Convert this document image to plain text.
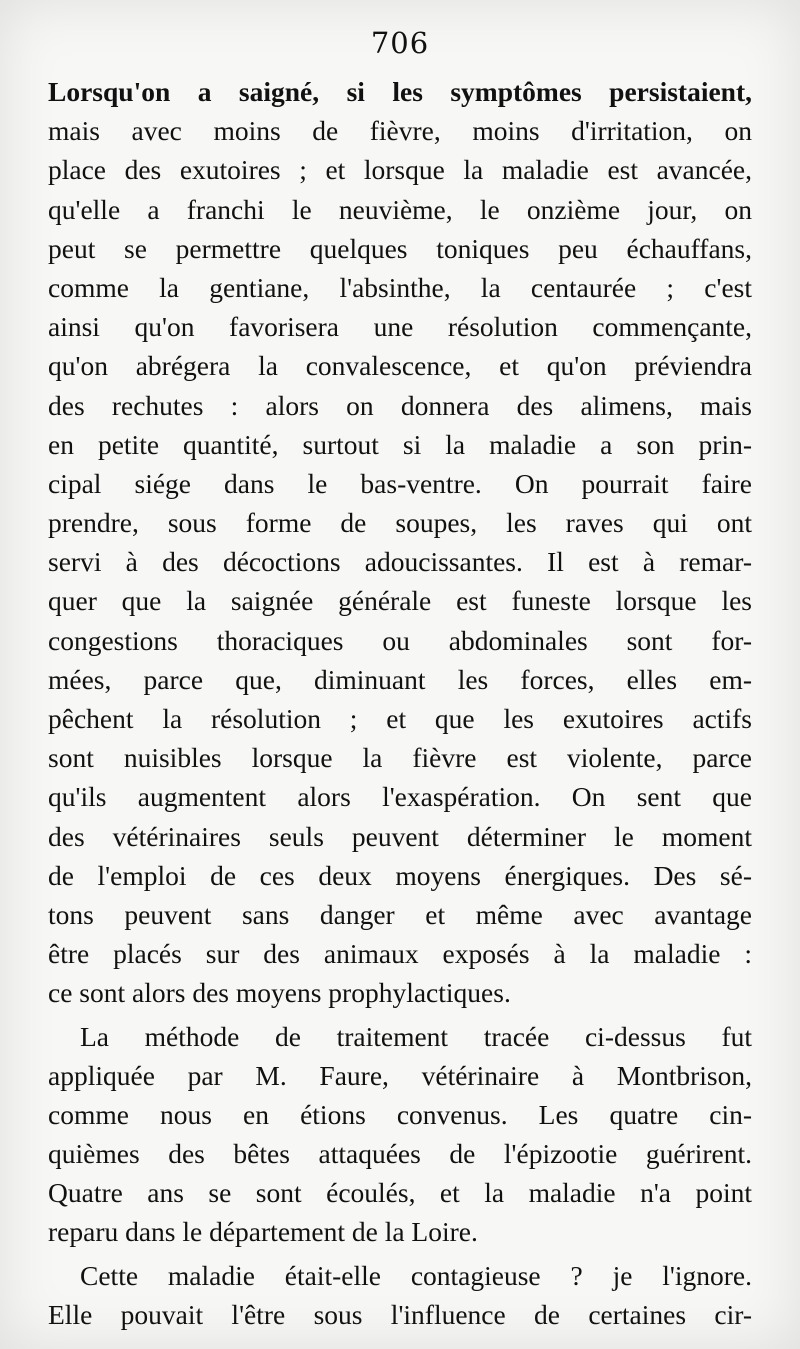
706
Lorsqu'on a saigné, si les symptômes persistaient,
mais avec moins de fièvre, moins d'irritation, on
place des exutoires ; et lorsque la maladie est avancée,
qu'elle a franchi le neuvième, le onzième jour, on
peut se permettre quelques toniques peu échauffans,
comme la gentiane, l'absinthe, la centaurée ; c'est
ainsi qu'on favorisera une résolution commençante,
qu'on abrégera la convalescence, et qu'on préviendra
des rechutes : alors on donnera des alimens, mais
en petite quantité, surtout si la maladie a son prin-
cipal siége dans le bas-ventre. On pourrait faire
prendre, sous forme de soupes, les raves qui ont
servi à des décoctions adoucissantes. Il est à remar-
quer que la saignée générale est funeste lorsque les
congestions thoraciques ou abdominales sont for-
mées, parce que, diminuant les forces, elles em-
pêchent la résolution ; et que les exutoires actifs
sont nuisibles lorsque la fièvre est violente, parce
qu'ils augmentent alors l'exaspération. On sent que
des vétérinaires seuls peuvent déterminer le moment
de l'emploi de ces deux moyens énergiques. Des sé-
tons peuvent sans danger et même avec avantage
être placés sur des animaux exposés à la maladie :
ce sont alors des moyens prophylactiques.
La méthode de traitement tracée ci-dessus fut
appliquée par M. Faure, vétérinaire à Montbrison,
comme nous en étions convenus. Les quatre cin-
quièmes des bêtes attaquées de l'épizootie guérirent.
Quatre ans se sont écoulés, et la maladie n'a point
reparu dans le département de la Loire.
Cette maladie était-elle contagieuse ? je l'ignore.
Elle pouvait l'être sous l'influence de certaines cir-
